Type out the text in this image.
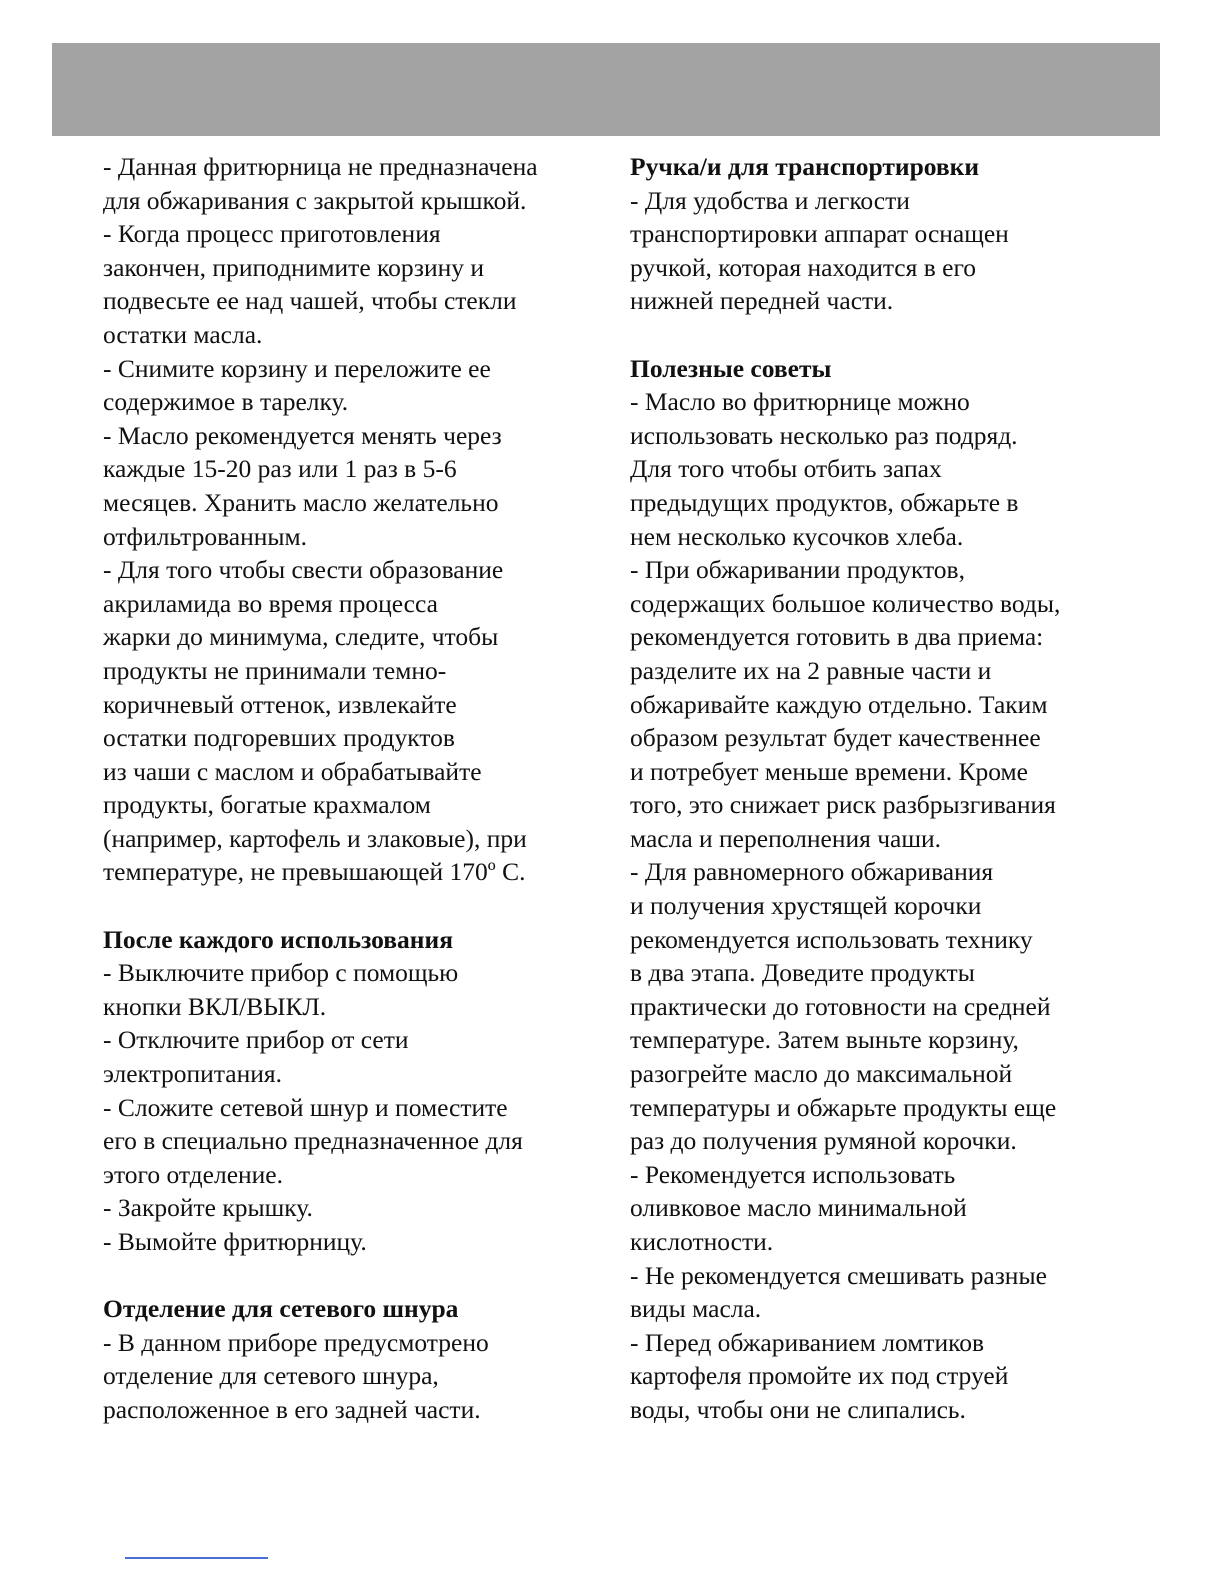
- Данная фритюрница не предназначена
для обжаривания с закрытой крышкой.
- Когда процесс приготовления
закончен, приподнимите корзину и
подвесьте ее над чашей, чтобы стекли
остатки масла.
- Снимите корзину и переложите ее
содержимое в тарелку.
- Масло рекомендуется менять через
каждые 15-20 раз или 1 раз в 5-6
месяцев. Хранить масло желательно
отфильтрованным.
- Для того чтобы свести образование
акриламида во время процесса
жарки до минимума, следите, чтобы
продукты не принимали темно-
коричневый оттенок, извлекайте
остатки подгоревших продуктов
из чаши с маслом и обрабатывайте
продукты, богатые крахмалом
(например, картофель и злаковые), при
температуре, не превышающей 170º С.
После каждого использования
- Выключите прибор с помощью
кнопки ВКЛ/ВЫКЛ.
- Отключите прибор от сети
электропитания.
- Сложите сетевой шнур и поместите
его в специально предназначенное для
этого отделение.
- Закройте крышку.
- Вымойте фритюрницу.
Отделение для сетевого шнура
- В данном приборе предусмотрено
отделение для сетевого шнура,
расположенное в его задней части.
Ручка/и для транспортировки
- Для удобства и легкости
транспортировки аппарат оснащен
ручкой, которая находится в его
нижней передней части.
Полезные советы
- Масло во фритюрнице можно
использовать несколько раз подряд.
Для того чтобы отбить запах
предыдущих продуктов, обжарьте в
нем несколько кусочков хлеба.
- При обжаривании продуктов,
содержащих большое количество воды,
рекомендуется готовить в два приема:
разделите их на 2 равные части и
обжаривайте каждую отдельно. Таким
образом результат будет качественнее
и потребует меньше времени. Кроме
того, это снижает риск разбрызгивания
масла и переполнения чаши.
- Для равномерного обжаривания
и получения хрустящей корочки
рекомендуется использовать технику
в два этапа. Доведите продукты
практически до готовности на средней
температуре. Затем выньте корзину,
разогрейте масло до максимальной
температуры и обжарьте продукты еще
раз до получения румяной корочки.
- Рекомендуется использовать
оливковое масло минимальной
кислотности.
- Не рекомендуется смешивать разные
виды масла.
- Перед обжариванием ломтиков
картофеля промойте их под струей
воды, чтобы они не слипались.
